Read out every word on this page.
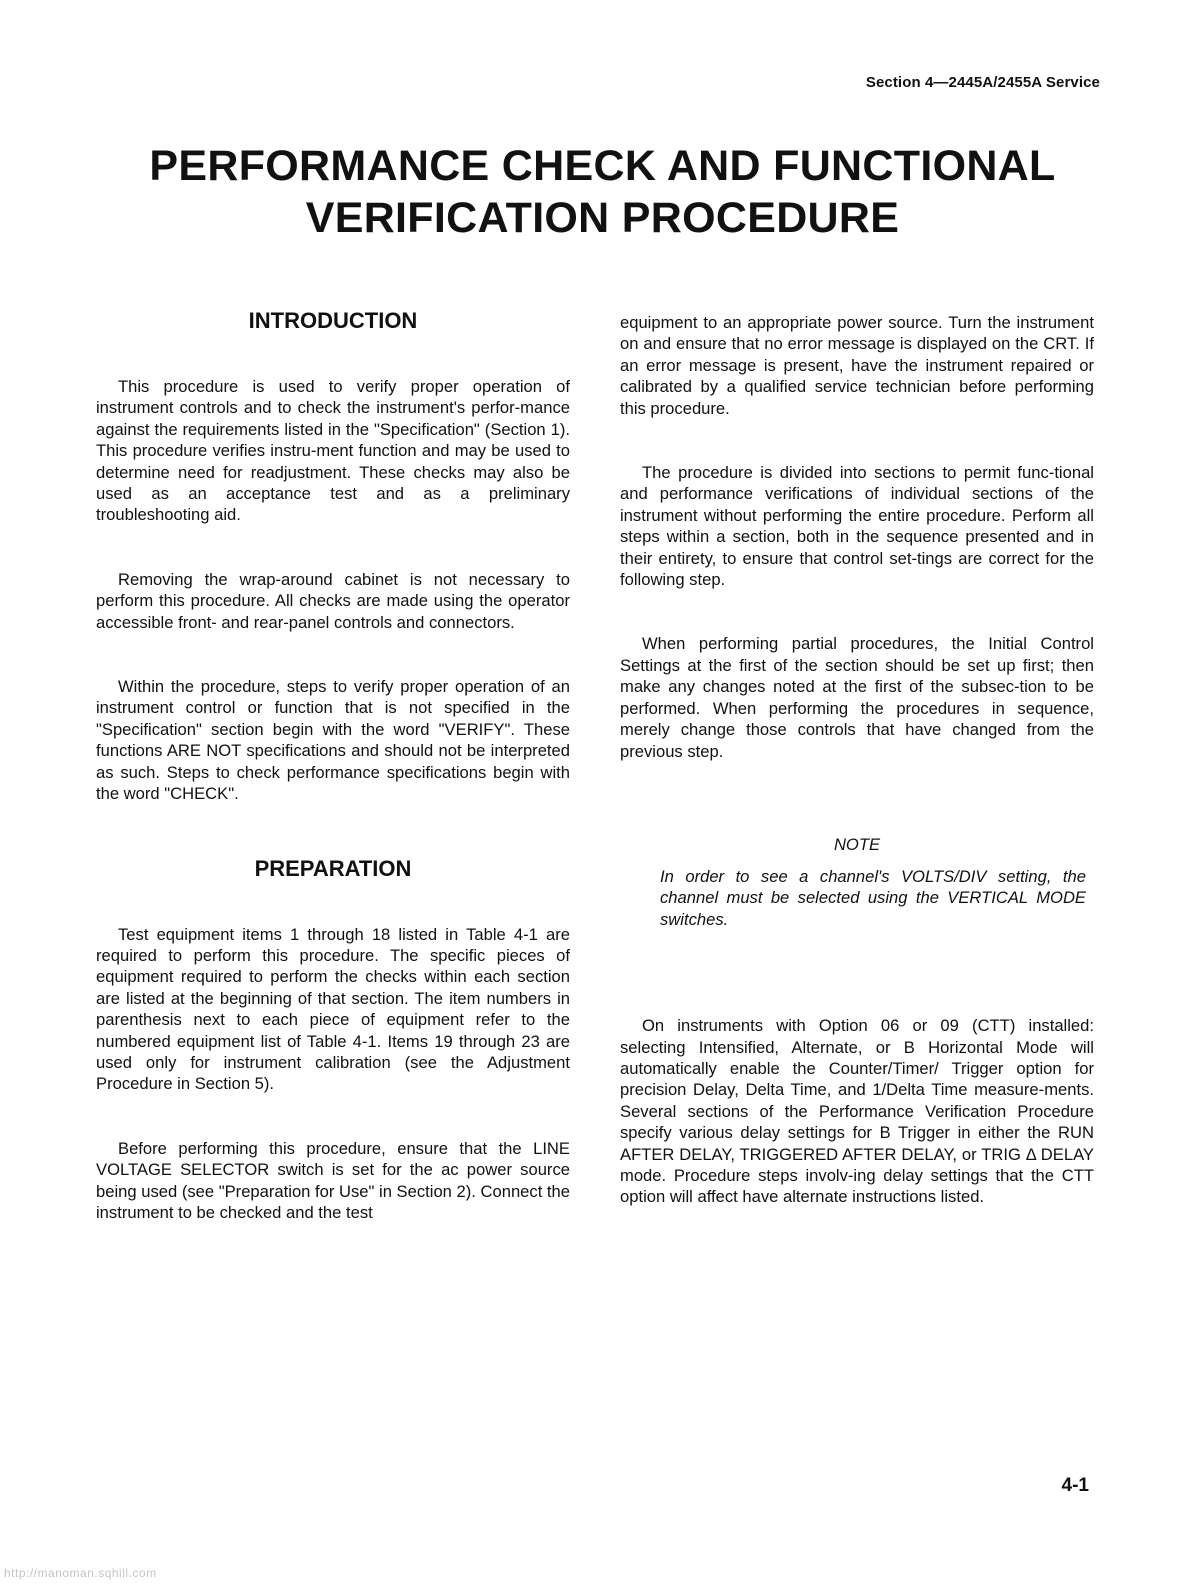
Section 4—2445A/2455A Service
PERFORMANCE CHECK AND FUNCTIONAL
VERIFICATION PROCEDURE
INTRODUCTION

This procedure is used to verify proper operation of instrument controls and to check the instrument's perfor-mance against the requirements listed in the "Specification" (Section 1). This procedure verifies instru-ment function and may be used to determine need for readjustment. These checks may also be used as an acceptance test and as a preliminary troubleshooting aid.

Removing the wrap-around cabinet is not necessary to perform this procedure. All checks are made using the operator accessible front- and rear-panel controls and connectors.

Within the procedure, steps to verify proper operation of an instrument control or function that is not specified in the "Specification" section begin with the word "VERIFY". These functions ARE NOT specifications and should not be interpreted as such. Steps to check performance specifications begin with the word "CHECK".

PREPARATION

Test equipment items 1 through 18 listed in Table 4-1 are required to perform this procedure. The specific pieces of equipment required to perform the checks within each section are listed at the beginning of that section. The item numbers in parenthesis next to each piece of equipment refer to the numbered equipment list of Table 4-1. Items 19 through 23 are used only for instrument calibration (see the Adjustment Procedure in Section 5).

Before performing this procedure, ensure that the LINE VOLTAGE SELECTOR switch is set for the ac power source being used (see "Preparation for Use" in Section 2). Connect the instrument to be checked and the test

equipment to an appropriate power source. Turn the instrument on and ensure that no error message is displayed on the CRT. If an error message is present, have the instrument repaired or calibrated by a qualified service technician before performing this procedure.

The procedure is divided into sections to permit func-tional and performance verifications of individual sections of the instrument without performing the entire procedure. Perform all steps within a section, both in the sequence presented and in their entirety, to ensure that control set-tings are correct for the following step.

When performing partial procedures, the Initial Control Settings at the first of the section should be set up first; then make any changes noted at the first of the subsec-tion to be performed. When performing the procedures in sequence, merely change those controls that have changed from the previous step.

NOTE

In order to see a channel's VOLTS/DIV setting, the channel must be selected using the VERTICAL MODE switches.

On instruments with Option 06 or 09 (CTT) installed: selecting Intensified, Alternate, or B Horizontal Mode will automatically enable the Counter/Timer/ Trigger option for precision Delay, Delta Time, and 1/Delta Time measure-ments. Several sections of the Performance Verification Procedure specify various delay settings for B Trigger in either the RUN AFTER DELAY, TRIGGERED AFTER DELAY, or TRIG Δ DELAY mode. Procedure steps involv-ing delay settings that the CTT option will affect have alternate instructions listed.

4-1
http://manoman.sqhill.com
